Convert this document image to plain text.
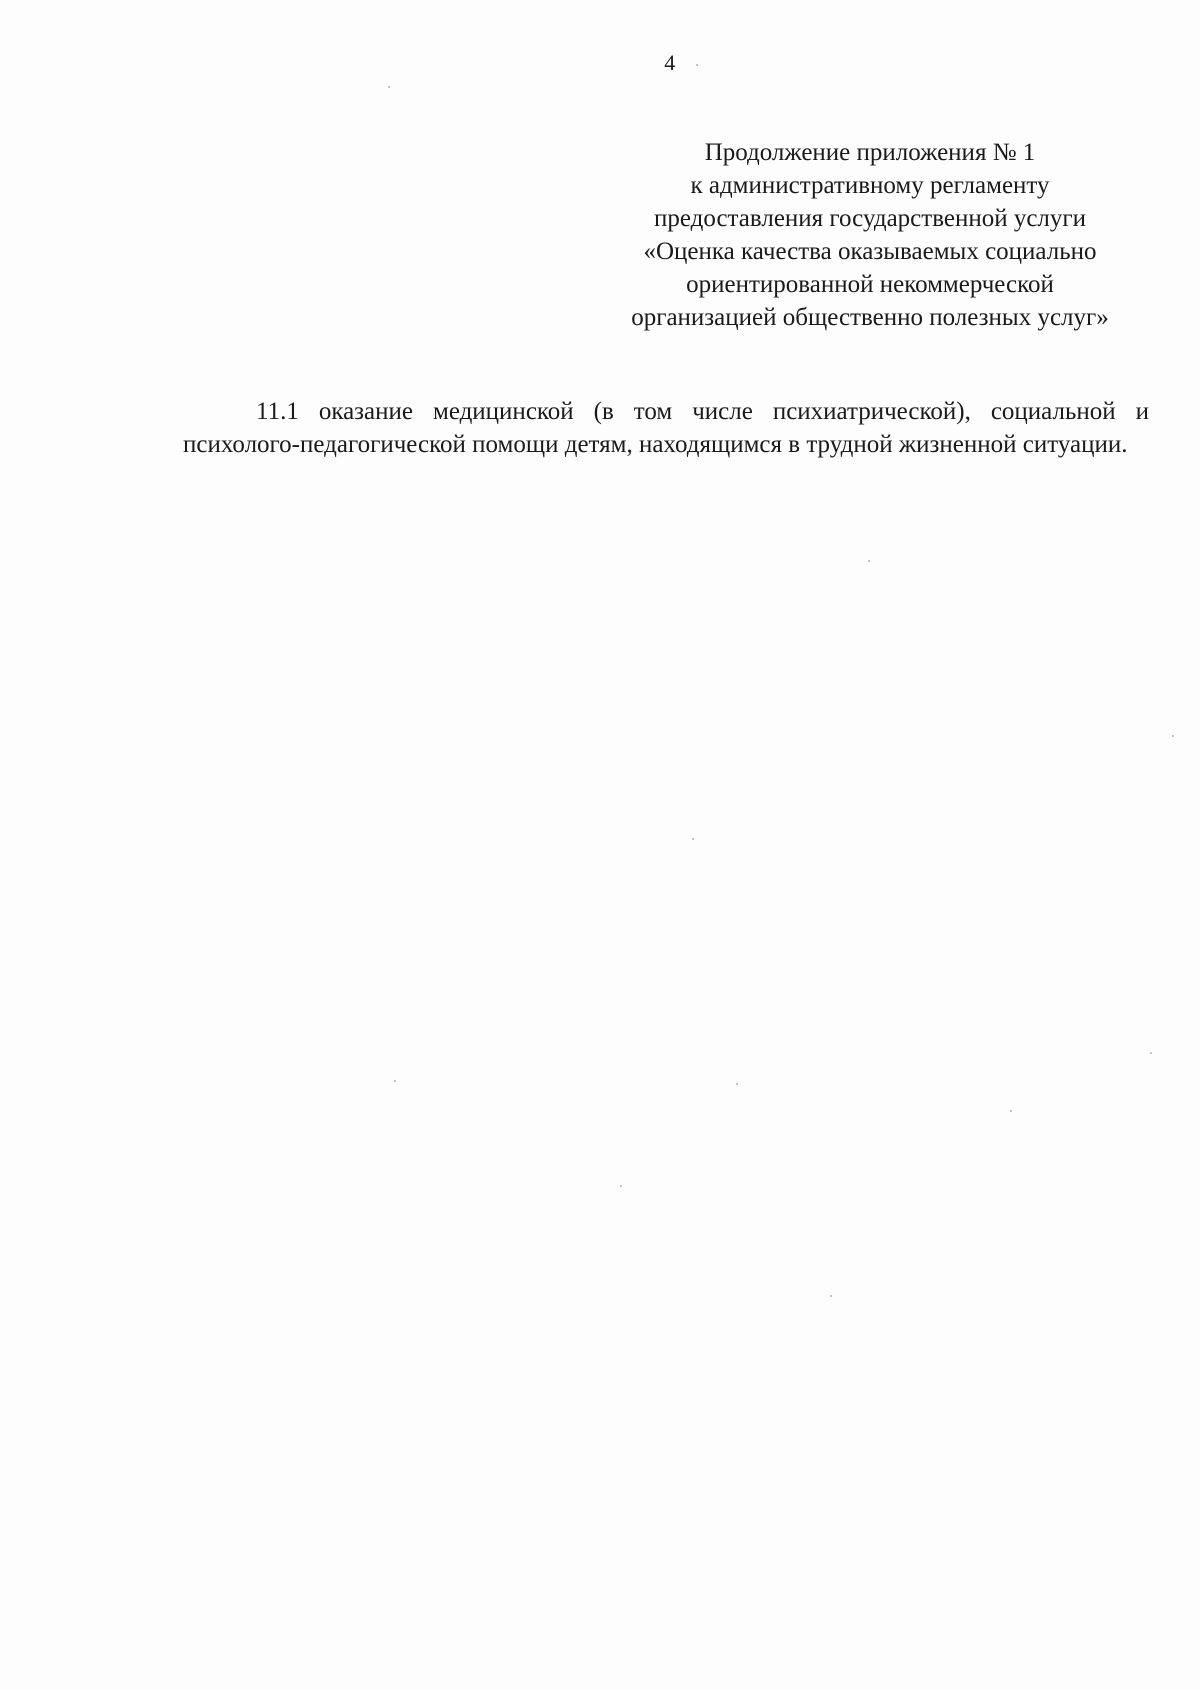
4
Продолжение приложения № 1
к административному регламенту
предоставления государственной услуги
«Оценка качества оказываемых социально
ориентированной некоммерческой
организацией общественно полезных услуг»

11.1 оказание медицинской (в том числе психиатрической), социальной и психолого-педагогической помощи детям, находящимся в трудной жизненной ситуации.
